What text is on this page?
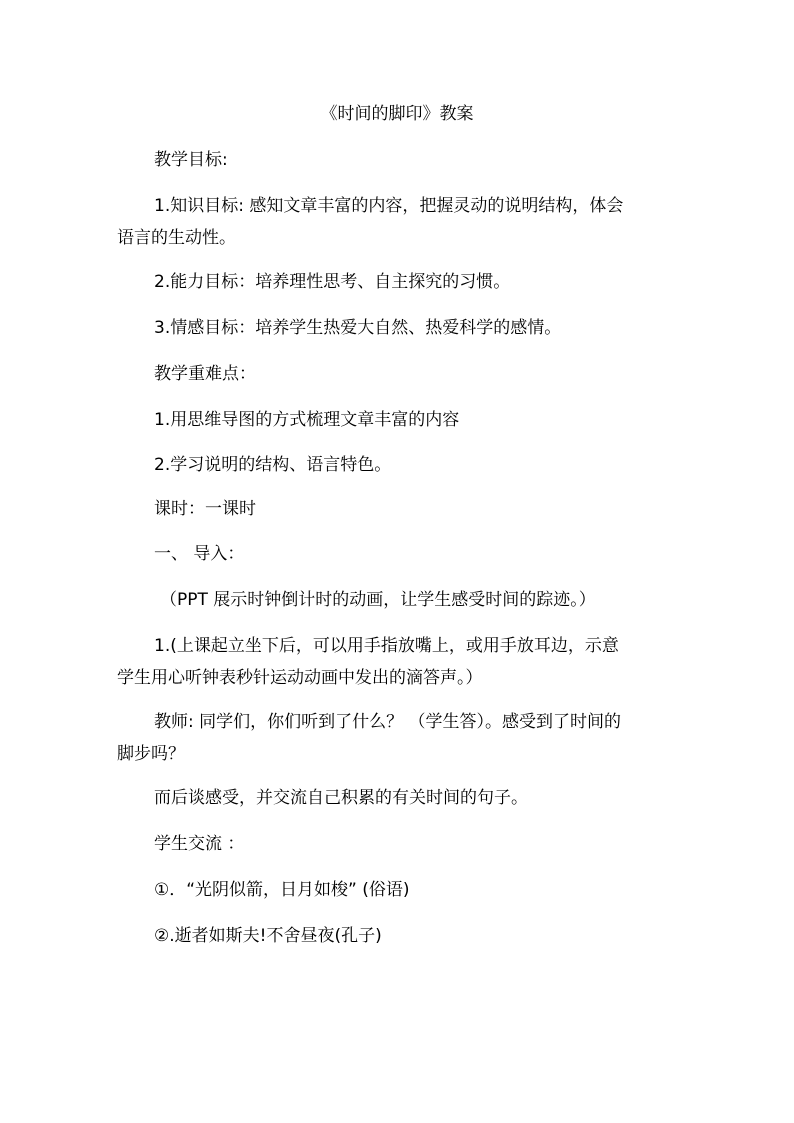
《时间的脚印》教案
教学目标:
1.知识目标: 感知文章丰富的内容，把握灵动的说明结构，体会
语言的生动性。
2.能力目标：培养理性思考、自主探究的习惯。
3.情感目标：培养学生热爱大自然、热爱科学的感情。
教学重难点：
1.用思维导图的方式梳理文章丰富的内容
2.学习说明的结构、语言特色。
课时：一课时
一、 导入：
（PPT 展示时钟倒计时的动画，让学生感受时间的踪迹。）
1.(上课起立坐下后，可以用手指放嘴上，或用手放耳边，示意
学生用心听钟表秒针运动动画中发出的滴答声。）
教师: 同学们，你们听到了什么？ （学生答）。感受到了时间的
脚步吗？
而后谈感受，并交流自己积累的有关时间的句子。
学生交流 ：
①．“光阴似箭，日月如梭” (俗语)
②.逝者如斯夫!不舍昼夜(孔子)
